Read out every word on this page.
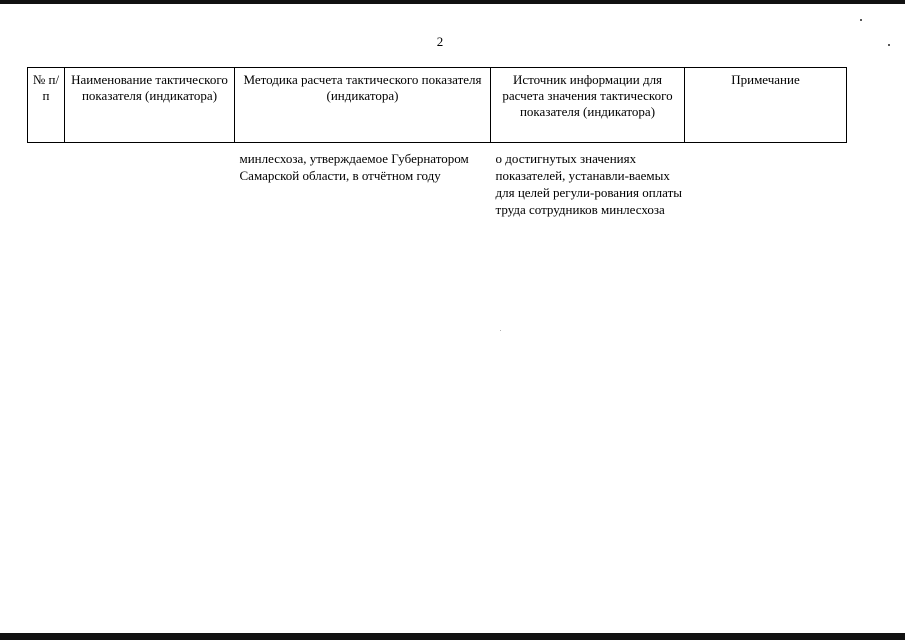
2
№ п/п	Наименование тактического показателя (индикатора)	Методика расчета тактического показателя (индикатора)	Источник информации для расчета значения тактического показателя (индикатора)	Примечание
		минлесхоза, утверждаемое Губернатором Самарской области, в отчётном году	о достигнутых значениях показателей, устанавли-ваемых для целей регули-рования оплаты труда сотрудников минлесхоза	
